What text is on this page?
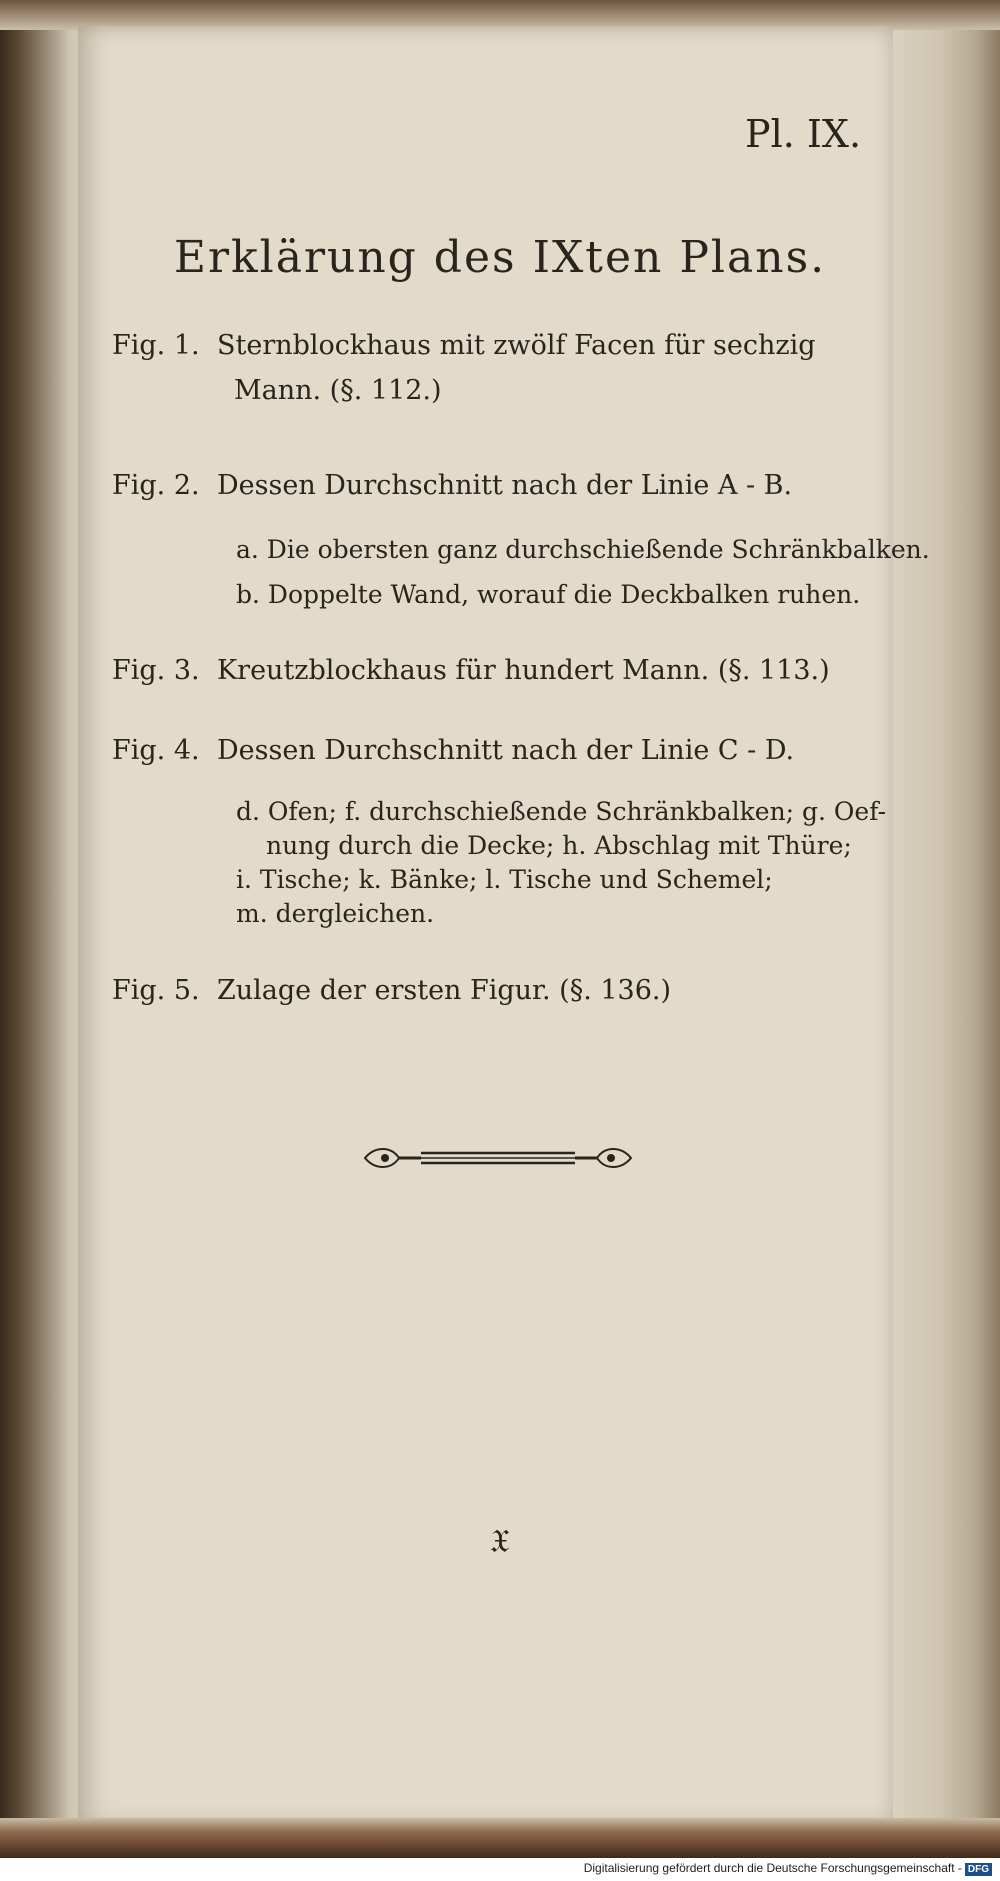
Pl. IX.
Erklärung des IXten Plans.
Fig. 1. Sternblockhaus mit zwölf Facen für sechzig
Mann. (§. 112.)
Fig. 2. Dessen Durchschnitt nach der Linie A - B.
a. Die obersten ganz durchschießende Schränkbalken.
b. Doppelte Wand, worauf die Deckbalken ruhen.
Fig. 3. Kreutzblockhaus für hundert Mann. (§. 113.)
Fig. 4. Dessen Durchschnitt nach der Linie C - D.
d. Ofen; f. durchschießende Schränkbalken; g. Oef-
nung durch die Decke; h. Abschlag mit Thüre;
i. Tische; k. Bänke; l. Tische und Schemel;
m. dergleichen.
Fig. 5. Zulage der ersten Figur. (§. 136.)
𝔛
Digitalisierung gefördert durch die Deutsche Forschungsgemeinschaft - DFG
